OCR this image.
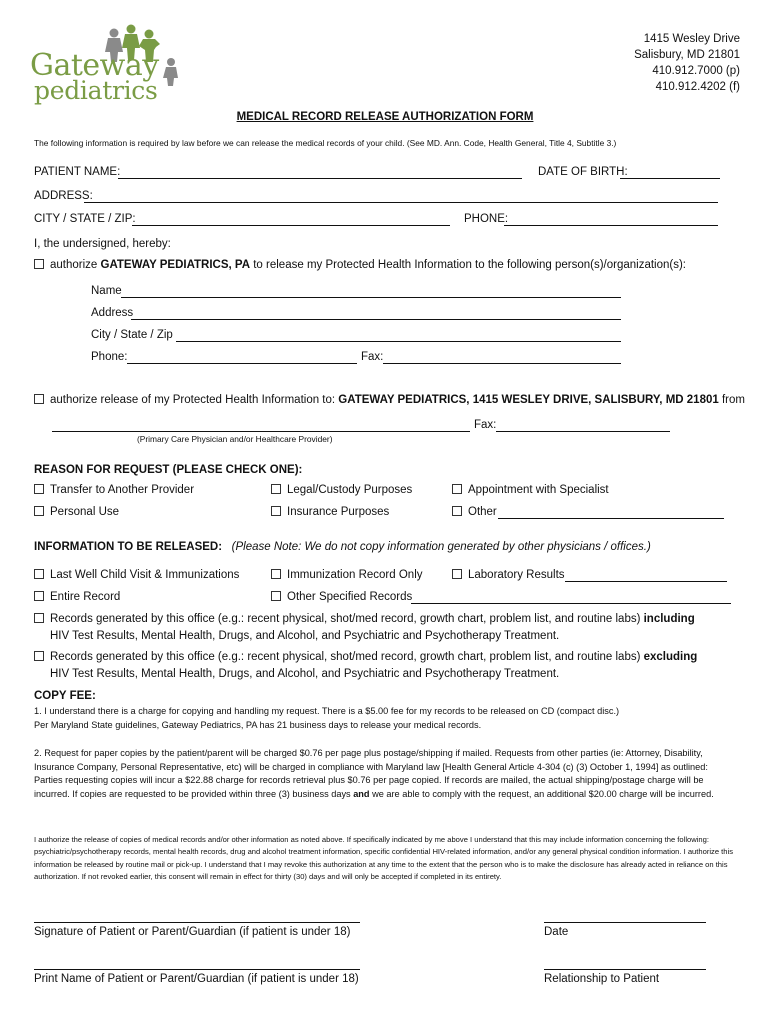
Gateway
pediatrics
1415 Wesley Drive
Salisbury, MD 21801
410.912.7000 (p)
410.912.4202 (f)
MEDICAL RECORD RELEASE AUTHORIZATION FORM
The following information is required by law before we can release the medical records of your child. (See MD. Ann. Code, Health General, Title 4, Subtitle 3.)
PATIENT NAME:	DATE OF BIRTH:
ADDRESS:
CITY / STATE / ZIP:	PHONE:
I, the undersigned, hereby:
authorize GATEWAY PEDIATRICS, PA to release my Protected Health Information to the following person(s)/organization(s):
Name
Address
City / State / Zip
Phone:	Fax:
authorize release of my Protected Health Information to: GATEWAY PEDIATRICS, 1415 WESLEY DRIVE, SALISBURY, MD 21801 from
Fax:
(Primary Care Physician and/or Healthcare Provider)
REASON FOR REQUEST (PLEASE CHECK ONE):
Transfer to Another Provider	Legal/Custody Purposes	Appointment with Specialist
Personal Use	Insurance Purposes	Other
INFORMATION TO BE RELEASED: (Please Note: We do not copy information generated by other physicians / offices.)
Last Well Child Visit & Immunizations	Immunization Record Only	Laboratory Results
Entire Record	Other Specified Records
Records generated by this office (e.g.: recent physical, shot/med record, growth chart, problem list, and routine labs) including
HIV Test Results, Mental Health, Drugs, and Alcohol, and Psychiatric and Psychotherapy Treatment.
Records generated by this office (e.g.: recent physical, shot/med record, growth chart, problem list, and routine labs) excluding
HIV Test Results, Mental Health, Drugs, and Alcohol, and Psychiatric and Psychotherapy Treatment.
COPY FEE:
1. I understand there is a charge for copying and handling my request. There is a $5.00 fee for my records to be released on CD (compact disc.)
Per Maryland State guidelines, Gateway Pediatrics, PA has 21 business days to release your medical records.
2. Request for paper copies by the patient/parent will be charged $0.76 per page plus postage/shipping if mailed. Requests from other parties (ie: Attorney, Disability, Insurance Company, Personal Representative, etc) will be charged in compliance with Maryland law [Health General Article 4-304 (c) (3) October 1, 1994] as outlined: Parties requesting copies will incur a $22.88 charge for records retrieval plus $0.76 per page copied. If records are mailed, the actual shipping/postage charge will be incurred. If copies are requested to be provided within three (3) business days and we are able to comply with the request, an additional $20.00 charge will be incurred.
I authorize the release of copies of medical records and/or other information as noted above. If specifically indicated by me above I understand that this may include information concerning the following: psychiatric/psychotherapy records, mental health records, drug and alcohol treatment information, specific confidential HIV-related information, and/or any general physical condition information. I authorize this information be released by routine mail or pick-up. I understand that I may revoke this authorization at any time to the extent that the person who is to make the disclosure has already acted in reliance on this authorization. If not revoked earlier, this consent will remain in effect for thirty (30) days and will only be accepted if completed in its entirety.
Signature of Patient or Parent/Guardian (if patient is under 18)	Date
Print Name of Patient or Parent/Guardian (if patient is under 18)	Relationship to Patient
